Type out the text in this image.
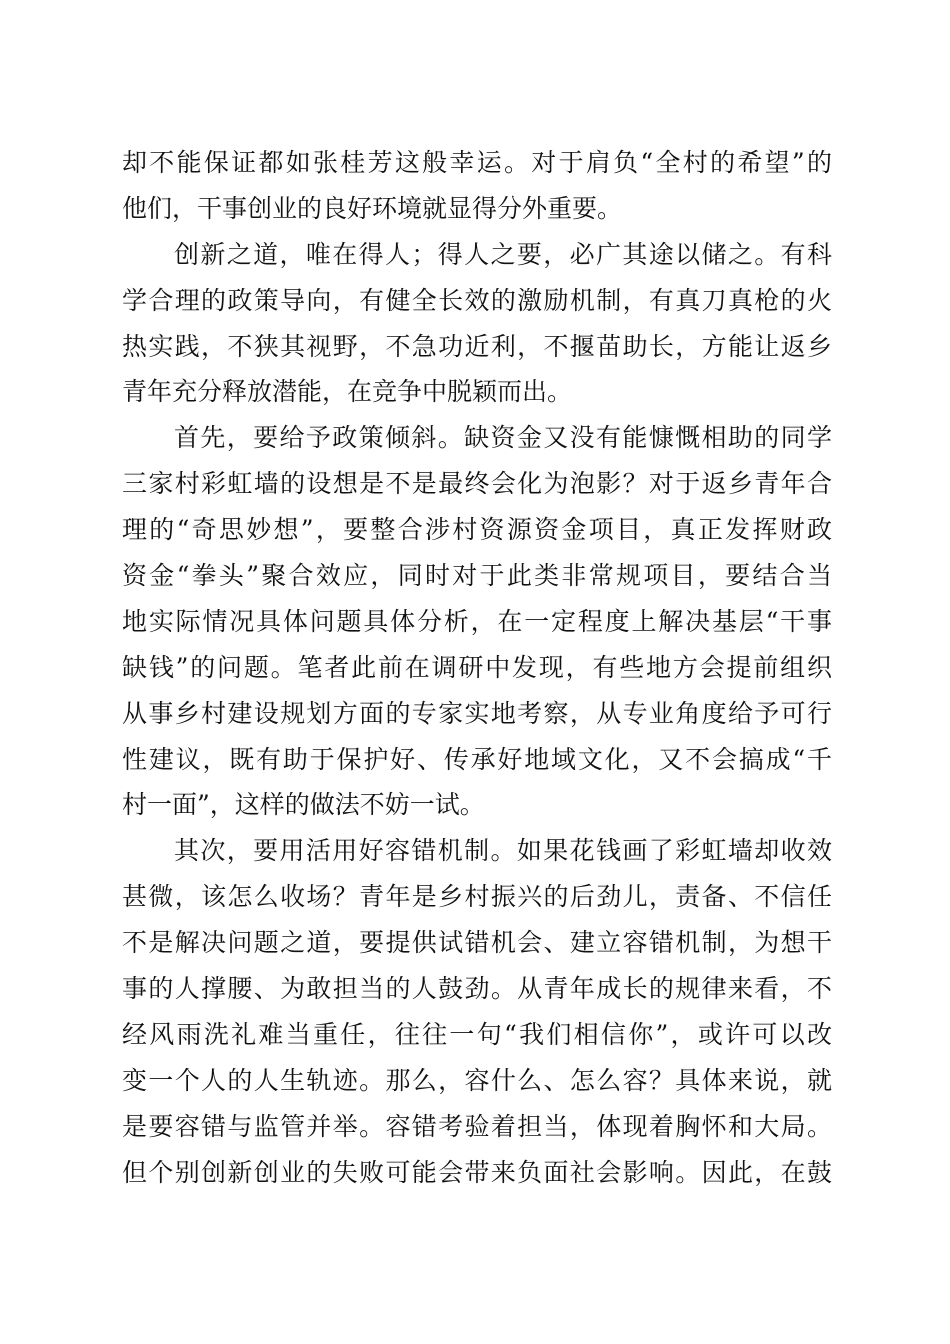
却不能保证都如张桂芳这般幸运。对于肩负“全村的希望”的
他们，干事创业的良好环境就显得分外重要。
创新之道，唯在得人；得人之要，必广其途以储之。有科
学合理的政策导向，有健全长效的激励机制，有真刀真枪的火
热实践，不狭其视野，不急功近利，不揠苗助长，方能让返乡
青年充分释放潜能，在竞争中脱颖而出。
首先，要给予政策倾斜。缺资金又没有能慷慨相助的同学
三家村彩虹墙的设想是不是最终会化为泡影？对于返乡青年合
理的“奇思妙想”，要整合涉村资源资金项目，真正发挥财政
资金“拳头”聚合效应，同时对于此类非常规项目，要结合当
地实际情况具体问题具体分析，在一定程度上解决基层“干事
缺钱”的问题。笔者此前在调研中发现，有些地方会提前组织
从事乡村建设规划方面的专家实地考察，从专业角度给予可行
性建议，既有助于保护好、传承好地域文化，又不会搞成“千
村一面”，这样的做法不妨一试。
其次，要用活用好容错机制。如果花钱画了彩虹墙却收效
甚微，该怎么收场？青年是乡村振兴的后劲儿，责备、不信任
不是解决问题之道，要提供试错机会、建立容错机制，为想干
事的人撑腰、为敢担当的人鼓劲。从青年成长的规律来看，不
经风雨洗礼难当重任，往往一句“我们相信你”，或许可以改
变一个人的人生轨迹。那么，容什么、怎么容？具体来说，就
是要容错与监管并举。容错考验着担当，体现着胸怀和大局。
但个别创新创业的失败可能会带来负面社会影响。因此，在鼓
